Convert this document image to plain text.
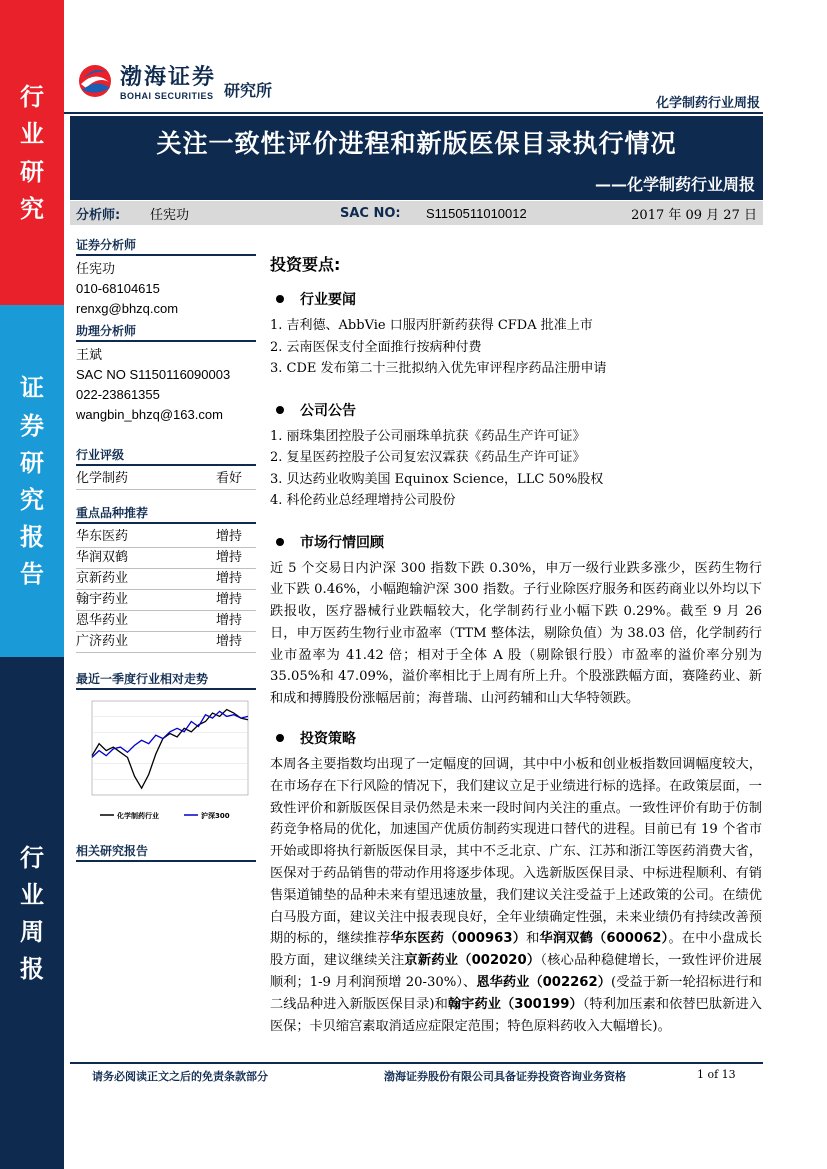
行
业
研
究
证
券
研
究
报
告
行
业
周
报
渤海证券
BOHAI SECURITIES 研究所
化学制药行业周报
关注一致性评价进程和新版医保目录执行情况
——化学制药行业周报
分析师: 任宪功	SAC NO: S1150511010012	2017 年 09 月 27 日
证券分析师
任宪功
010-68104615
renxg@bhzq.com
助理分析师
王斌
SAC NO S1150116090003
022-23861355
wangbin_bhzq@163.com
行业评级
化学制药	看好
重点品种推荐
华东医药	增持
华润双鹤	增持
京新药业	增持
翰宇药业	增持
恩华药业	增持
广济药业	增持
最近一季度行业相对走势
化学制药行业	沪深300
相关研究报告
投资要点:
行业要闻
1. 吉利德、AbbVie 口服丙肝新药获得 CFDA 批准上市
2. 云南医保支付全面推行按病种付费
3. CDE 发布第二十三批拟纳入优先审评程序药品注册申请
公司公告
1. 丽珠集团控股子公司丽珠单抗获《药品生产许可证》
2. 复星医药控股子公司复宏汉霖获《药品生产许可证》
3. 贝达药业收购美国 Equinox Science，LLC 50%股权
4. 科伦药业总经理增持公司股份
市场行情回顾
近 5 个交易日内沪深 300 指数下跌 0.30%，申万一级行业跌多涨少，医药生物行业下跌 0.46%，小幅跑输沪深 300 指数。子行业除医疗服务和医药商业以外均以下跌报收，医疗器械行业跌幅较大，化学制药行业小幅下跌 0.29%。截至 9 月 26 日，申万医药生物行业市盈率（TTM 整体法，剔除负值）为 38.03 倍，化学制药行业市盈率为 41.42 倍；相对于全体 A 股（剔除银行股）市盈率的溢价率分别为 35.05%和 47.09%，溢价率相比于上周有所上升。个股涨跌幅方面，赛隆药业、新和成和搏腾股份涨幅居前；海普瑞、山河药辅和山大华特领跌。
投资策略
本周各主要指数均出现了一定幅度的回调，其中中小板和创业板指数回调幅度较大，在市场存在下行风险的情况下，我们建议立足于业绩进行标的选择。在政策层面，一致性评价和新版医保目录仍然是未来一段时间内关注的重点。一致性评价有助于仿制药竞争格局的优化，加速国产优质仿制药实现进口替代的进程。目前已有 19 个省市开始或即将执行新版医保目录，其中不乏北京、广东、江苏和浙江等医药消费大省，医保对于药品销售的带动作用将逐步体现。入选新版医保目录、中标进程顺利、有销售渠道铺垫的品种未来有望迅速放量，我们建议关注受益于上述政策的公司。在绩优白马股方面，建议关注中报表现良好，全年业绩确定性强，未来业绩仍有持续改善预期的标的，继续推荐华东医药（000963）和华润双鹤（600062）。在中小盘成长股方面，建议继续关注京新药业（002020）（核心品种稳健增长，一致性评价进展顺利；1-9 月利润预增 20-30%）、恩华药业（002262）(受益于新一轮招标进行和二线品种进入新版医保目录)和翰宇药业（300199）（特利加压素和依替巴肽新进入医保；卡贝缩宫素取消适应症限定范围；特色原料药收入大幅增长)。
请务必阅读正文之后的免责条款部分	渤海证券股份有限公司具备证券投资咨询业务资格	1 of 13
